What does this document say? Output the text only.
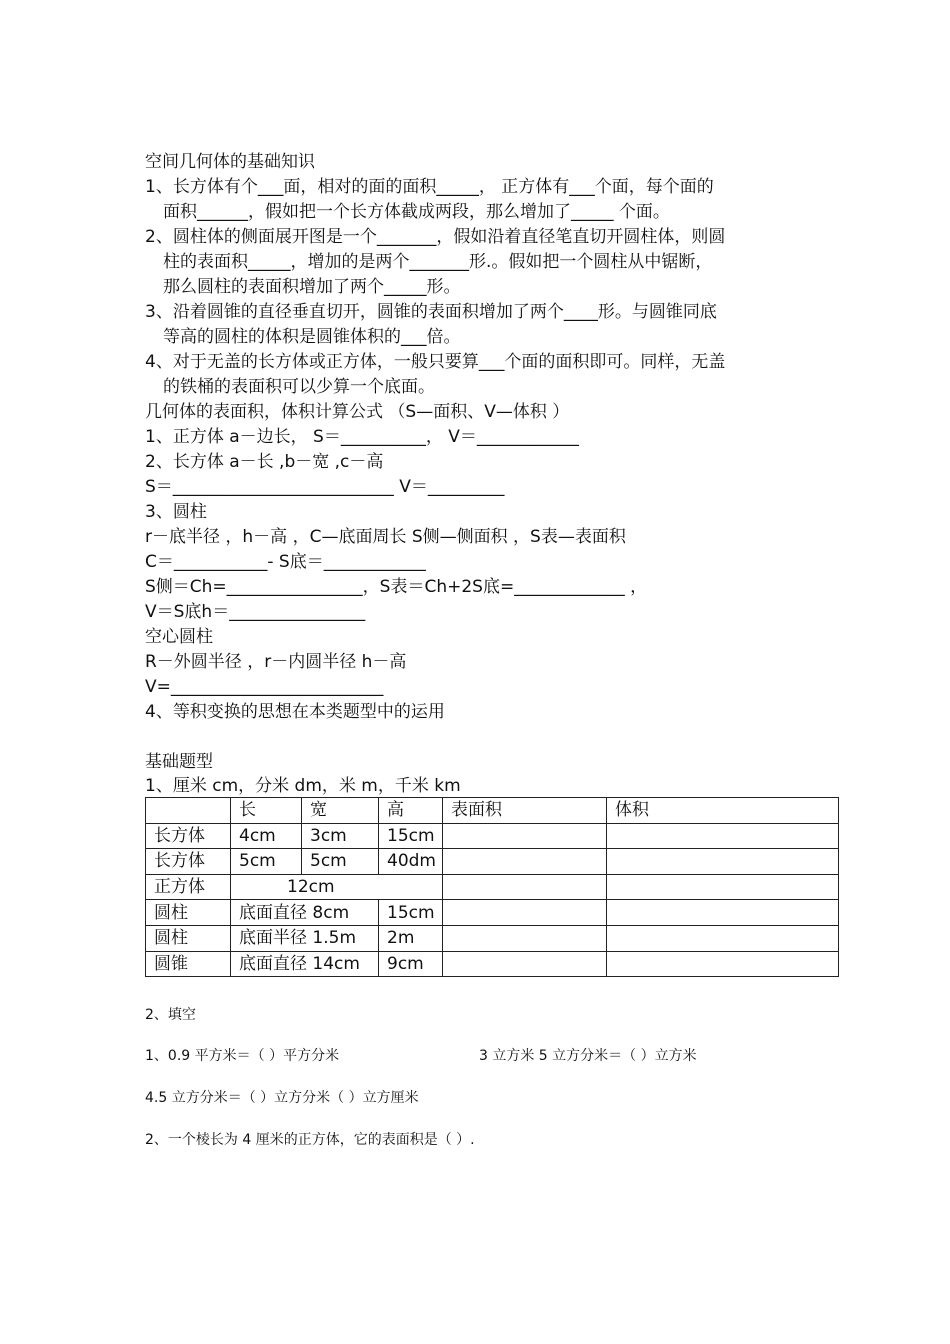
空间几何体的基础知识
1、长方体有个___面，相对的面的面积_____， 正方体有___个面，每个面的
面积______，假如把一个长方体截成两段，那么增加了_____ 个面。
2、圆柱体的侧面展开图是一个_______，假如沿着直径笔直切开圆柱体，则圆
柱的表面积_____，增加的是两个_______形.。假如把一个圆柱从中锯断，
那么圆柱的表面积增加了两个_____形。
3、沿着圆锥的直径垂直切开，圆锥的表面积增加了两个____形。与圆锥同底
等高的圆柱的体积是圆锥体积的___倍。
4、对于无盖的长方体或正方体，一般只要算___个面的面积即可。同样，无盖
的铁桶的表面积可以少算一个底面。
几何体的表面积，体积计算公式 （S—面积、V—体积 ）
1、正方体 a－边长， S＝__________， V＝____________
2、长方体 a－长 ,b－宽 ,c－高
S＝__________________________ V＝_________
3、圆柱
r－底半径 ，h－高 ，C—底面周长 S侧—侧面积 ，S表—表面积
C＝___________- S底＝____________
S侧＝Ch=________________，S表＝Ch+2S底=_____________ ，
V＝S底h＝________________
空心圆柱
R－外圆半径 ，r－内圆半径 h－高
V=_________________________
4、等积变换的思想在本类题型中的运用
基础题型
1、厘米 cm，分米 dm，米 m，千米 km
	长	宽	高	表面积	体积
长方体	4cm	3cm	15cm		
长方体	5cm	5cm	40dm		
正方体	12cm				
圆柱	底面直径 8cm		15cm		
圆柱	底面半径 1.5m		2m		
圆锥	底面直径 14cm		9cm		
2、填空
1、0.9 平方米＝（ ）平方分米	3 立方米 5 立方分米＝（ ）立方米
4.5 立方分米＝（ ）立方分米（ ）立方厘米
2、一个棱长为 4 厘米的正方体，它的表面积是（ ）.
